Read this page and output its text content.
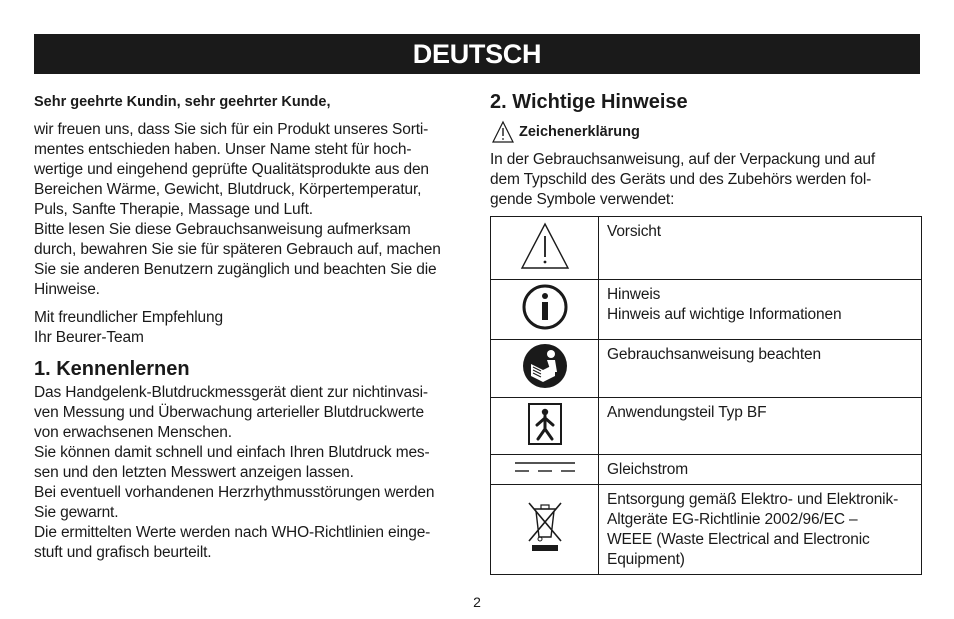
DEUTSCH
Sehr geehrte Kundin, sehr geehrter Kunde,

wir freuen uns, dass Sie sich für ein Produkt unseres Sorti-

mentes entschieden haben. Unser Name steht für hoch-

wertige und eingehend geprüfte Qualitätsprodukte aus den

Bereichen Wärme, Gewicht, Blutdruck, Körpertemperatur,

Puls, Sanfte Therapie, Massage und Luft.

Bitte lesen Sie diese Gebrauchsanweisung aufmerksam

durch, bewahren Sie sie für späteren Gebrauch auf, machen

Sie sie anderen Benutzern zugänglich und beachten Sie die

Hinweise.

Mit freundlicher Empfehlung

Ihr Beurer-Team

1. Kennenlernen

Das Handgelenk-Blutdruckmessgerät dient zur nichtinvasi-

ven Messung und Überwachung arterieller Blutdruckwerte

von erwachsenen Menschen.

Sie können damit schnell und einfach Ihren Blutdruck mes-

sen und den letzten Messwert anzeigen lassen.

Bei eventuell vorhandenen Herzrhythmusstörungen werden

Sie gewarnt.

Die ermittelten Werte werden nach WHO-Richtlinien einge-

stuft und grafisch beurteilt.

2. Wichtige Hinweise
Zeichenerklärung

In der Gebrauchsanweisung, auf der Verpackung und auf

dem Typschild des Geräts und des Zubehörs werden fol-

gende Symbole verwendet:

Vorsicht

Hinweis
Hinweis auf wichtige Informationen

Gebrauchsanweisung beachten

Anwendungsteil Typ BF

Gleichstrom

Entsorgung gemäß Elektro- und Elektronik-
Altgeräte EG-Richtlinie 2002/96/EC –
WEEE (Waste Electrical and Electronic
Equipment)
2
